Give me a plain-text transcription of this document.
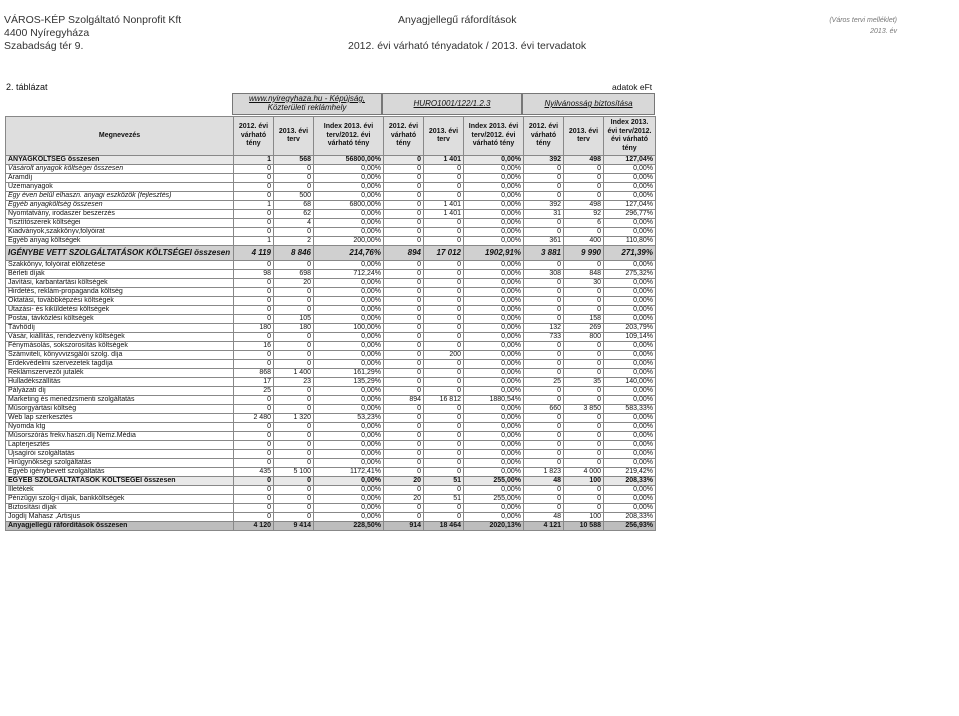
VÁROS-KÉP Szolgáltató Nonprofit Kft
4400 Nyíregyháza
Szabadság tér 9.
Anyagjellegű ráfordítások
2012. évi várható tényadatok / 2013. évi tervadatok
(Város tervi melléklet)
2013. év
2. táblázat	adatok eFt
www.nyiregyhaza.hu - Képújság,
Közterületi reklámhely	HURO1001/122/1.2.3	Nyilvánosság biztosítása
Megnevezés	2012. évi várható tény	2013. évi terv	Index 2013. évi terv/2012. évi várható tény	2012. évi várható tény	2013. évi terv	Index 2013. évi terv/2012. évi várható tény	2012. évi várható tény	2013. évi terv	Index 2013. évi terv/2012. évi várható tény
ANYAGKÖLTSÉG összesen	1	568	56800,00%	0	1 401	0,00%	392	498	127,04%
Vásárolt anyagok költségei összesen	0	0	0,00%	0	0	0,00%	0	0	0,00%
Áramdíj	0	0	0,00%	0	0	0,00%	0	0	0,00%
Üzemanyagok	0	0	0,00%	0	0	0,00%	0	0	0,00%
Egy éven belül elhaszn. anyagi eszközök (fejlesztés)	0	500	0,00%	0	0	0,00%	0	0	0,00%
Egyéb anyagköltség összesen	1	68	6800,00%	0	1 401	0,00%	392	498	127,04%
Nyomtatvány, irodaszer beszerzés	0	62	0,00%	0	1 401	0,00%	31	92	296,77%
Tisztítószerek költségei	0	4	0,00%	0	0	0,00%	0	6	0,00%
Kiadványok,szakkönyv,folyóirat	0	0	0,00%	0	0	0,00%	0	0	0,00%
Egyéb anyag költségek	1	2	200,00%	0	0	0,00%	361	400	110,80%
IGÉNYBE VETT SZOLGÁLTATÁSOK KÖLTSÉGEI összesen	4 119	8 846	214,76%	894	17 012	1902,91%	3 881	9 990	271,39%
Szakkönyv, folyóirat előfizetése	0	0	0,00%	0	0	0,00%	0	0	0,00%
Bérleti díjak	98	698	712,24%	0	0	0,00%	308	848	275,32%
Javítási, karbantartási költségek	0	20	0,00%	0	0	0,00%	0	30	0,00%
Hirdetés, reklám-propaganda költség	0	0	0,00%	0	0	0,00%	0	0	0,00%
Oktatási, továbbképzési költségek	0	0	0,00%	0	0	0,00%	0	0	0,00%
Utazási- és kiküldetési költségek	0	0	0,00%	0	0	0,00%	0	0	0,00%
Postai, távközlési költségek	0	105	0,00%	0	0	0,00%	0	158	0,00%
Távhődíj	180	180	100,00%	0	0	0,00%	132	269	203,79%
Vásár, kiállítás, rendezvény költségek	0	0	0,00%	0	0	0,00%	733	800	109,14%
Fénymásolás, sokszorosítás költségek	16	0	0,00%	0	0	0,00%	0	0	0,00%
Számviteli, könyvvizsgálói szolg. díja	0	0	0,00%	0	200	0,00%	0	0	0,00%
Érdekvédelmi szervezetek tagdíja	0	0	0,00%	0	0	0,00%	0	0	0,00%
Reklámszervezői jutalék	868	1 400	161,29%	0	0	0,00%	0	0	0,00%
Hulladékszállítás	17	23	135,29%	0	0	0,00%	25	35	140,00%
Pályázati díj	25	0	0,00%	0	0	0,00%	0	0	0,00%
Marketing és menedzsmenti szolgáltatás	0	0	0,00%	894	16 812	1880,54%	0	0	0,00%
Műsorgyártási költség	0	0	0,00%	0	0	0,00%	660	3 850	583,33%
Web lap szerkesztés	2 480	1 320	53,23%	0	0	0,00%	0	0	0,00%
Nyomda ktg	0	0	0,00%	0	0	0,00%	0	0	0,00%
Műsorszórás frekv.haszn.díj Nemz.Média	0	0	0,00%	0	0	0,00%	0	0	0,00%
Lapterjesztés	0	0	0,00%	0	0	0,00%	0	0	0,00%
Újsagírói szolgáltatás	0	0	0,00%	0	0	0,00%	0	0	0,00%
Hirügynökségi szolgáltatás	0	0	0,00%	0	0	0,00%	0	0	0,00%
Egyéb igénybevett szolgáltatás	435	5 100	1172,41%	0	0	0,00%	1 823	4 000	219,42%
EGYÉB SZOLGÁLTATÁSOK KÖLTSÉGEI összesen	0	0	0,00%	20	51	255,00%	48	100	208,33%
Illetékek	0	0	0,00%	0	0	0,00%	0	0	0,00%
Pénzügyi szolg-i díjak, bankköltségek	0	0	0,00%	20	51	255,00%	0	0	0,00%
Biztosítási díjak	0	0	0,00%	0	0	0,00%	0	0	0,00%
Jogdíj Mahasz ,Artisjus	0	0	0,00%	0	0	0,00%	48	100	208,33%
Anyagjellegű ráfordítások összesen	4 120	9 414	228,50%	914	18 464	2020,13%	4 121	10 588	256,93%
